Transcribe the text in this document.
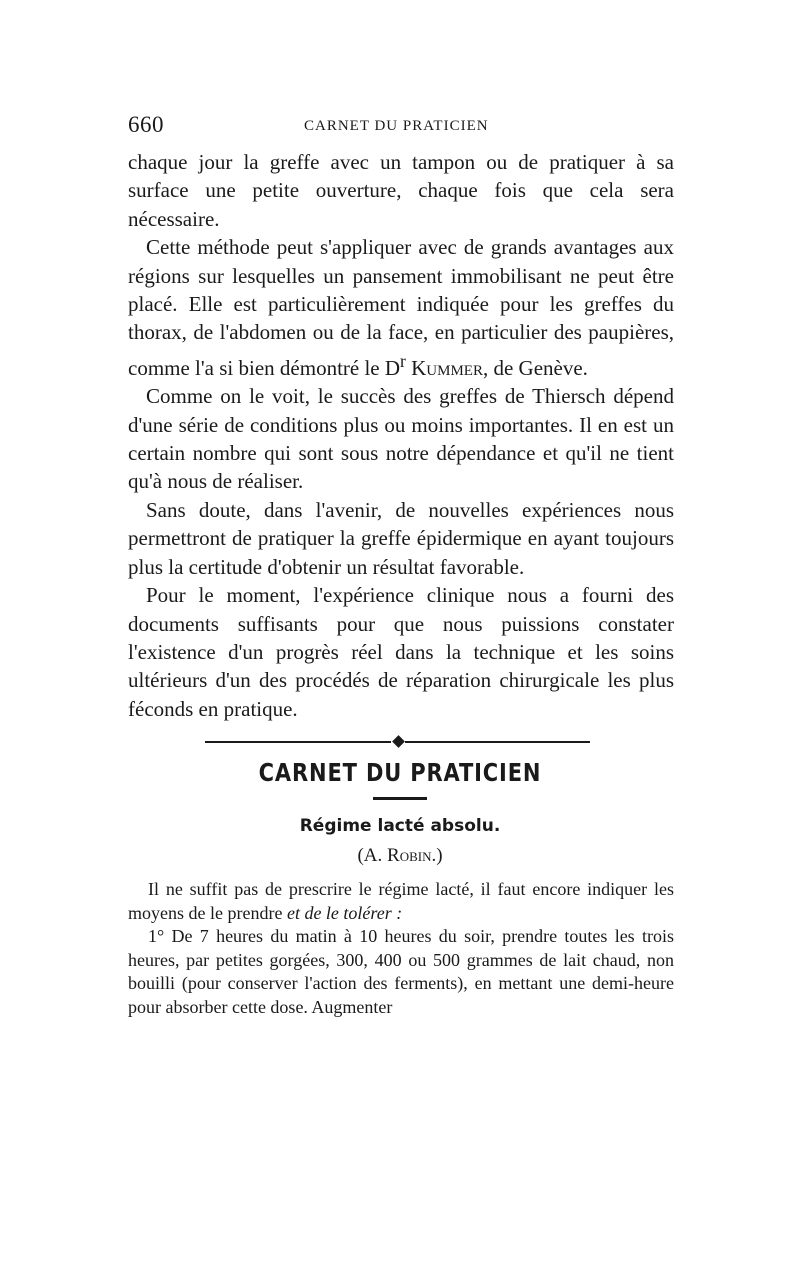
660	CARNET DU PRATICIEN

chaque jour la greffe avec un tampon ou de pratiquer à sa surface une petite ouverture, chaque fois que cela sera nécessaire.

Cette méthode peut s'appliquer avec de grands avantages aux régions sur lesquelles un pansement immobilisant ne peut être placé. Elle est particulièrement indiquée pour les greffes du thorax, de l'abdomen ou de la face, en particulier des paupières, comme l'a si bien démontré le $D^r$ Kummer, de Genève.

Comme on le voit, le succès des greffes de Thiersch dépend d'une série de conditions plus ou moins importantes. Il en est un certain nombre qui sont sous notre dépendance et qu'il ne tient qu'à nous de réaliser.

Sans doute, dans l'avenir, de nouvelles expériences nous permettront de pratiquer la greffe épidermique en ayant toujours plus la certitude d'obtenir un résultat favorable.

Pour le moment, l'expérience clinique nous a fourni des documents suffisants pour que nous puissions constater l'existence d'un progrès réel dans la technique et les soins ultérieurs d'un des procédés de réparation chirurgicale les plus féconds en pratique.

CARNET DU PRATICIEN
Régime lacté absolu.
(A. Robin.)

Il ne suffit pas de prescrire le régime lacté, il faut encore indiquer les moyens de le prendre et de le tolérer :

1° De 7 heures du matin à 10 heures du soir, prendre toutes les trois heures, par petites gorgées, 300, 400 ou 500 grammes de lait chaud, non bouilli (pour conserver l'action des ferments), en mettant une demi-heure pour absorber cette dose. Augmenter
